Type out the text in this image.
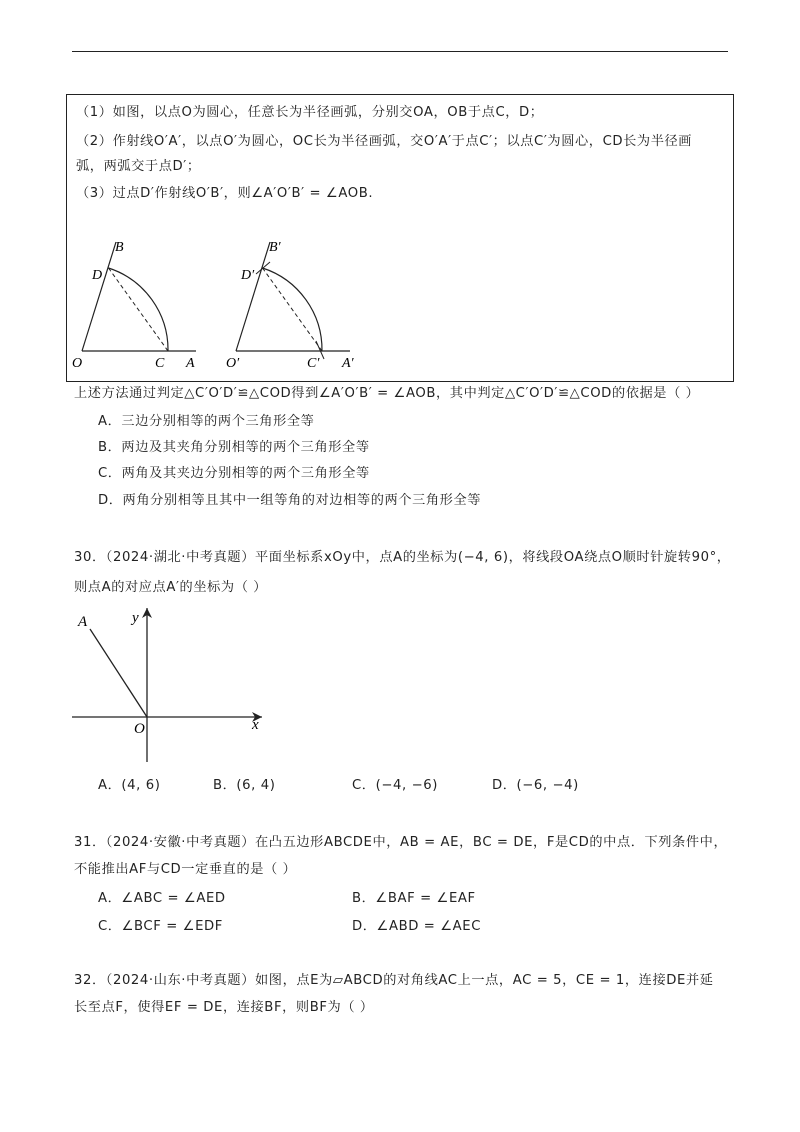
（1）如图，以点O为圆心，任意长为半径画弧，分别交OA，OB于点C，D；
（2）作射线O′A′，以点O′为圆心，OC长为半径画弧，交O′A′于点C′；以点C′为圆心，CD长为半径画
弧，两弧交于点D′；
（3）过点D′作射线O′B′，则∠A′O′B′ = ∠AOB.
B
D
O	C A
B′
D′
O′	C′ A′
上述方法通过判定△C′O′D′≌△COD得到∠A′O′B′ = ∠AOB，其中判定△C′O′D′≌△COD的依据是（ ）
A．三边分别相等的两个三角形全等
B．两边及其夹角分别相等的两个三角形全等
C．两角及其夹边分别相等的两个三角形全等
D．两角分别相等且其中一组等角的对边相等的两个三角形全等
30．（2024·湖北·中考真题）平面坐标系xOy中，点A的坐标为(−4, 6)，将线段OA绕点O顺时针旋转90°，
则点A的对应点A′的坐标为（ ）
A	y
O	x
A．(4, 6)	B．(6, 4)	C．(−4, −6)	D．(−6, −4)
31．（2024·安徽·中考真题）在凸五边形ABCDE中，AB = AE，BC = DE，F是CD的中点．下列条件中，
不能推出AF与CD一定垂直的是（ ）
A．∠ABC = ∠AED	B．∠BAF = ∠EAF
C．∠BCF = ∠EDF	D．∠ABD = ∠AEC
32．（2024·山东·中考真题）如图，点E为▱ABCD的对角线AC上一点，AC = 5，CE = 1，连接DE并延
长至点F，使得EF = DE，连接BF，则BF为（ ）
